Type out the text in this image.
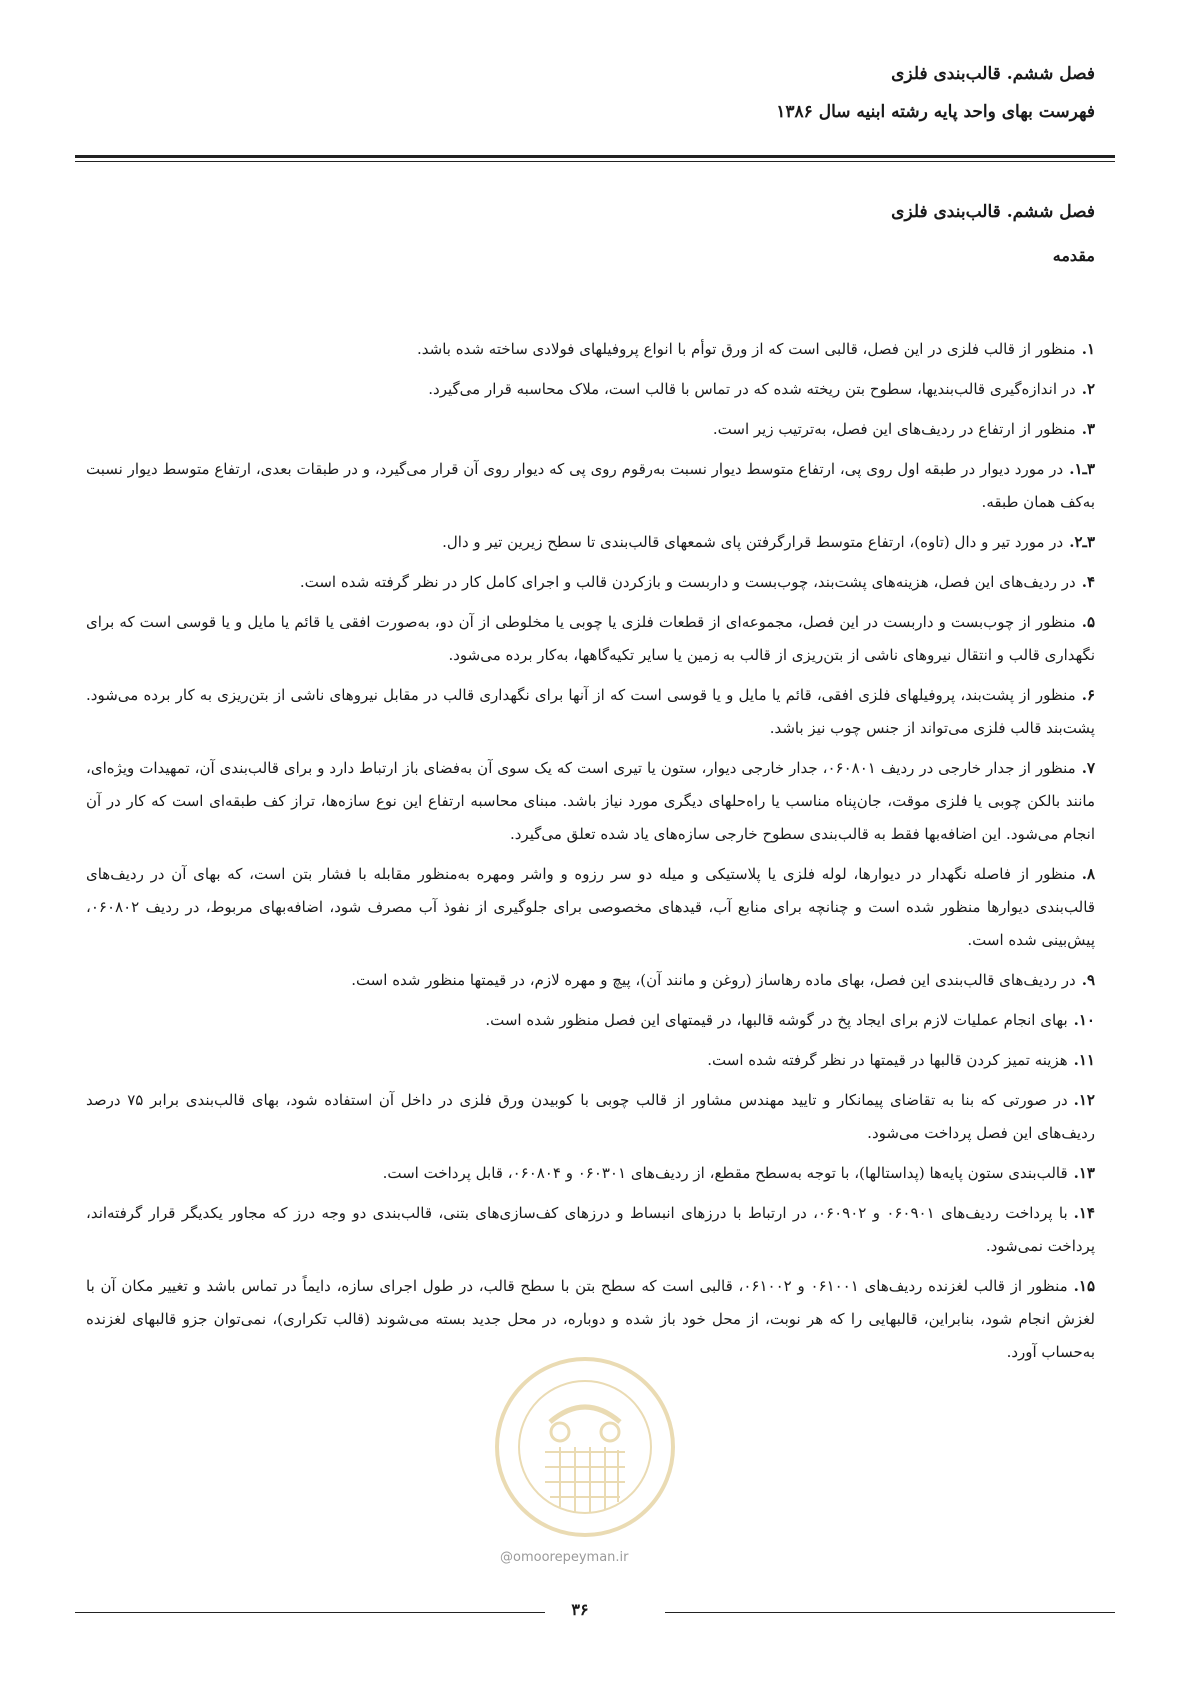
فصل ششم. قالب‌بندی فلزی
فهرست بهای واحد پایه رشته ابنیه سال ۱۳۸۶
فصل ششم. قالب‌بندی فلزی
مقدمه

۱.منظور از قالب فلزی در این فصل، قالبی است که از ورق توأم با انواع پروفیلهای فولادی ساخته شده باشد.

۲.در اندازه‌گیری قالب‌بندیها، سطوح بتن ریخته شده که در تماس با قالب است، ملاک محاسبه قرار می‌گیرد.

۳.منظور از ارتفاع در ردیف‌های این فصل، به‌ترتیب زیر است.

۳ـ۱.در مورد دیوار در طبقه اول روی پی، ارتفاع متوسط دیوار نسبت به‌رقوم روی پی که دیوار روی آن قرار می‌گیرد، و در طبقات بعدی، ارتفاع متوسط دیوار نسبت به‌کف همان طبقه.

۳ـ۲.در مورد تیر و دال (تاوه)، ارتفاع متوسط قرارگرفتن پای شمعهای قالب‌بندی تا سطح زیرین تیر و دال.

۴.در ردیف‌های این فصل، هزینه‌های پشت‌بند، چوب‌بست و داربست و بازکردن قالب و اجرای کامل کار در نظر گرفته شده است.

۵.منظور از چوب‌بست و داربست در این فصل، مجموعه‌ای از قطعات فلزی یا چوبی یا مخلوطی از آن دو، به‌صورت افقی یا قائم یا مایل و یا قوسی است که برای نگهداری قالب و انتقال نیروهای ناشی از بتن‌ریزی از قالب به زمین یا سایر تکیه‌گاهها، به‌کار برده می‌شود.

۶.منظور از پشت‌بند، پروفیلهای فلزی افقی، قائم یا مایل و یا قوسی است که از آنها برای نگهداری قالب در مقابل نیروهای ناشی از بتن‌ریزی به کار برده می‌شود. پشت‌بند قالب فلزی می‌تواند از جنس چوب نیز باشد.

۷.منظور از جدار خارجی در ردیف ۰۶۰۸۰۱، جدار خارجی دیوار، ستون یا تیری است که یک سوی آن به‌فضای باز ارتباط دارد و برای قالب‌بندی آن، تمهیدات ویژه‌ای، مانند بالکن چوبی یا فلزی موقت، جان‌پناه مناسب یا راه‌حلهای دیگری مورد نیاز باشد. مبنای محاسبه ارتفاع این نوع سازه‌ها، تراز کف طبقه‌ای است که کار در آن انجام می‌شود. این اضافه‌بها فقط به قالب‌بندی سطوح خارجی سازه‌های یاد شده تعلق می‌گیرد.

۸.منظور از فاصله نگهدار در دیوارها، لوله فلزی یا پلاستیکی و میله دو سر رزوه و واشر ومهره به‌منظور مقابله با فشار بتن است، که بهای آن در ردیف‌های قالب‌بندی دیوارها منظور شده است و چنانچه برای منابع آب، قیدهای مخصوصی برای جلوگیری از نفوذ آب مصرف شود، اضافه‌بهای مربوط، در ردیف ۰۶۰۸۰۲، پیش‌بینی شده است.

۹.در ردیف‌های قالب‌بندی این فصل، بهای ماده رهاساز (روغن و مانند آن)، پیچ و مهره لازم، در قیمتها منظور شده است.

۱۰.بهای انجام عملیات لازم برای ایجاد پخ در گوشه قالبها، در قیمتهای این فصل منظور شده است.

۱۱.هزینه تمیز کردن قالبها در قیمتها در نظر گرفته شده است.

۱۲.در صورتی که بنا به تقاضای پیمانکار و تایید مهندس مشاور از قالب چوبی با کوبیدن ورق فلزی در داخل آن استفاده شود، بهای قالب‌بندی برابر ۷۵ درصد ردیف‌های این فصل پرداخت می‌شود.

۱۳.قالب‌بندی ستون پایه‌ها (پداستالها)، با توجه به‌سطح مقطع، از ردیف‌های ۰۶۰۳۰۱ و ۰۶۰۸۰۴، قابل پرداخت است.

۱۴.با پرداخت ردیف‌های ۰۶۰۹۰۱ و ۰۶۰۹۰۲، در ارتباط با درزهای انبساط و درزهای کف‌سازی‌های بتنی، قالب‌بندی دو وجه درز که مجاور یکدیگر قرار گرفته‌اند، پرداخت نمی‌شود.

۱۵.منظور از قالب لغزنده ردیف‌های ۰۶۱۰۰۱ و ۰۶۱۰۰۲، قالبی است که سطح بتن با سطح قالب، در طول اجرای سازه، دایماً در تماس باشد و تغییر مکان آن با لغزش انجام شود، بنابراین، قالبهایی را که هر نوبت، از محل خود باز شده و دوباره، در محل جدید بسته می‌شوند (قالب تکراری)، نمی‌توان جزو قالبهای لغزنده به‌حساب آورد.

@omoorepeyman.ir
۳۶
